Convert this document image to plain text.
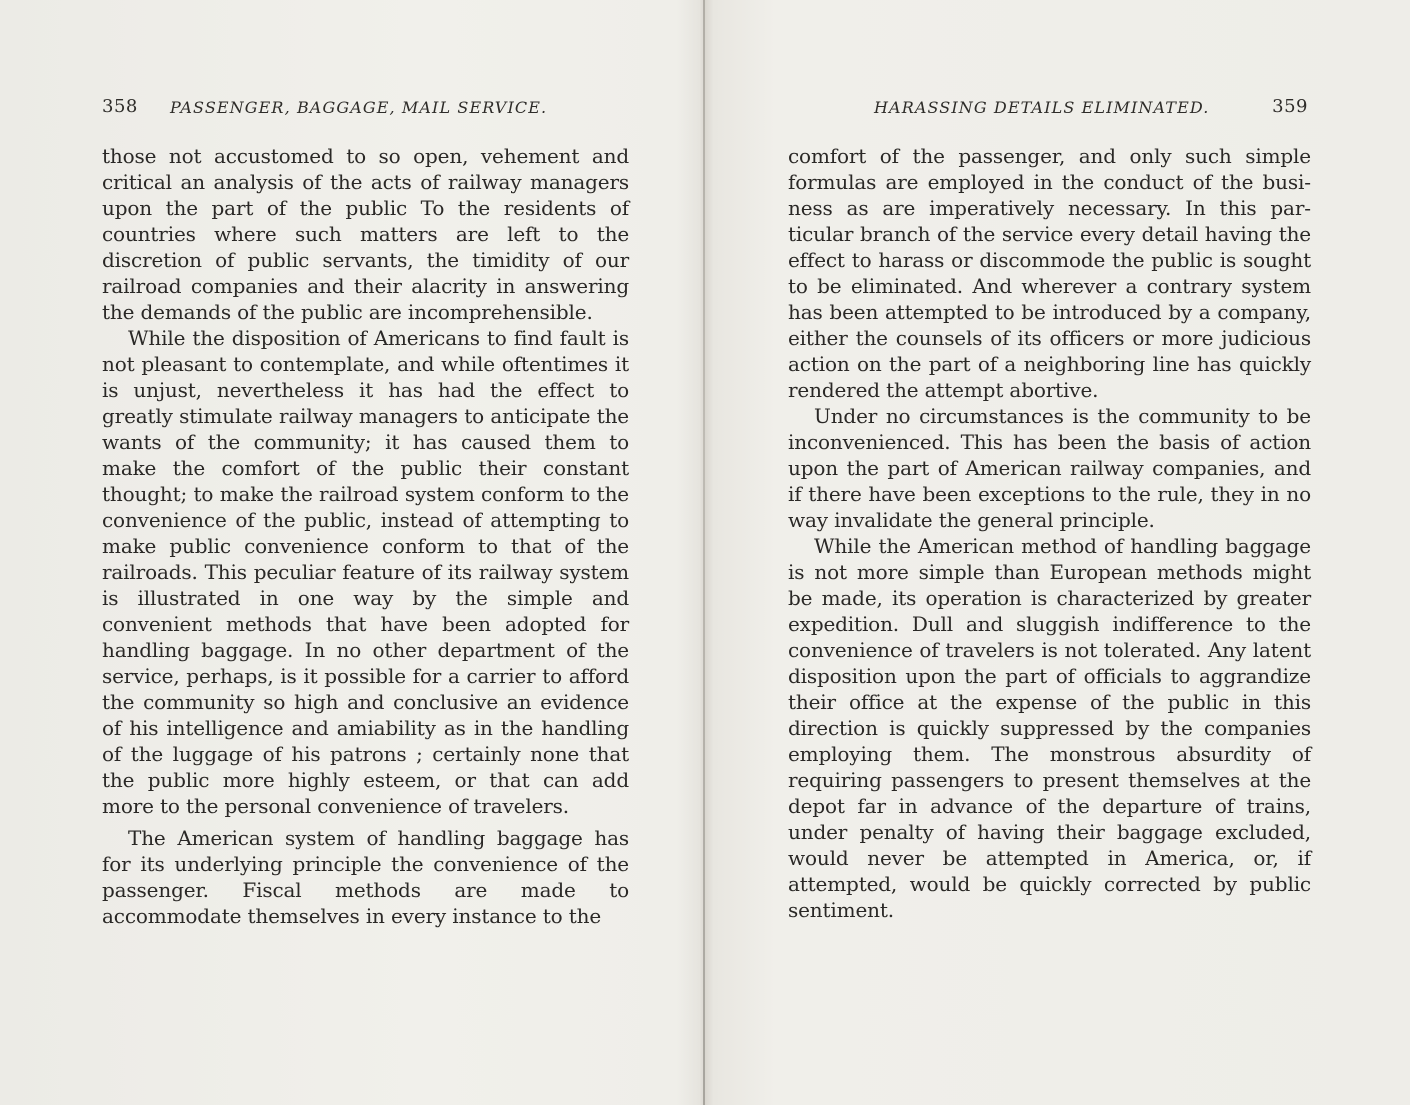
358 PASSENGER, BAGGAGE, MAIL SERVICE.

those not accustomed to so open, vehement and critical an analysis of the acts of railway managers upon the part of the public To the residents of countries where such matters are left to the discretion of public servants, the timidity of our railroad companies and their alacrity in answering the demands of the public are incomprehensible.

While the disposition of Americans to find fault is not pleasant to contemplate, and while oftentimes it is unjust, nevertheless it has had the effect to greatly stimulate railway managers to anticipate the wants of the community; it has caused them to make the comfort of the public their constant thought; to make the railroad system conform to the convenience of the public, instead of attempting to make public convenience conform to that of the railroads. This peculiar feature of its railway system is illustrated in one way by the simple and convenient methods that have been adopted for handling baggage. In no other department of the service, perhaps, is it possible for a carrier to afford the community so high and conclusive an evidence of his intelligence and amiability as in the handling of the luggage of his patrons ; certainly none that the public more highly esteem, or that can add more to the personal convenience of travelers.

The American system of handling baggage has for its underlying principle the convenience of the passenger. Fiscal methods are made to accommodate themselves in every instance to the

HARASSING DETAILS ELIMINATED.	359

comfort of the passenger, and only such simple formulas are employed in the conduct of the business as are imperatively necessary. In this particular branch of the service every detail having the effect to harass or discommode the public is sought to be eliminated. And wherever a contrary system has been attempted to be introduced by a company, either the counsels of its officers or more judicious action on the part of a neighboring line has quickly rendered the attempt abortive.

Under no circumstances is the community to be inconvenienced. This has been the basis of action upon the part of American railway companies, and if there have been exceptions to the rule, they in no way invalidate the general principle.

While the American method of handling baggage is not more simple than European methods might be made, its operation is characterized by greater expedition. Dull and sluggish indifference to the convenience of travelers is not tolerated. Any latent disposition upon the part of officials to aggrandize their office at the expense of the public in this direction is quickly suppressed by the companies employing them. The monstrous absurdity of requiring passengers to present themselves at the depot far in advance of the departure of trains, under penalty of having their baggage excluded, would never be attempted in America, or, if attempted, would be quickly corrected by public sentiment.
